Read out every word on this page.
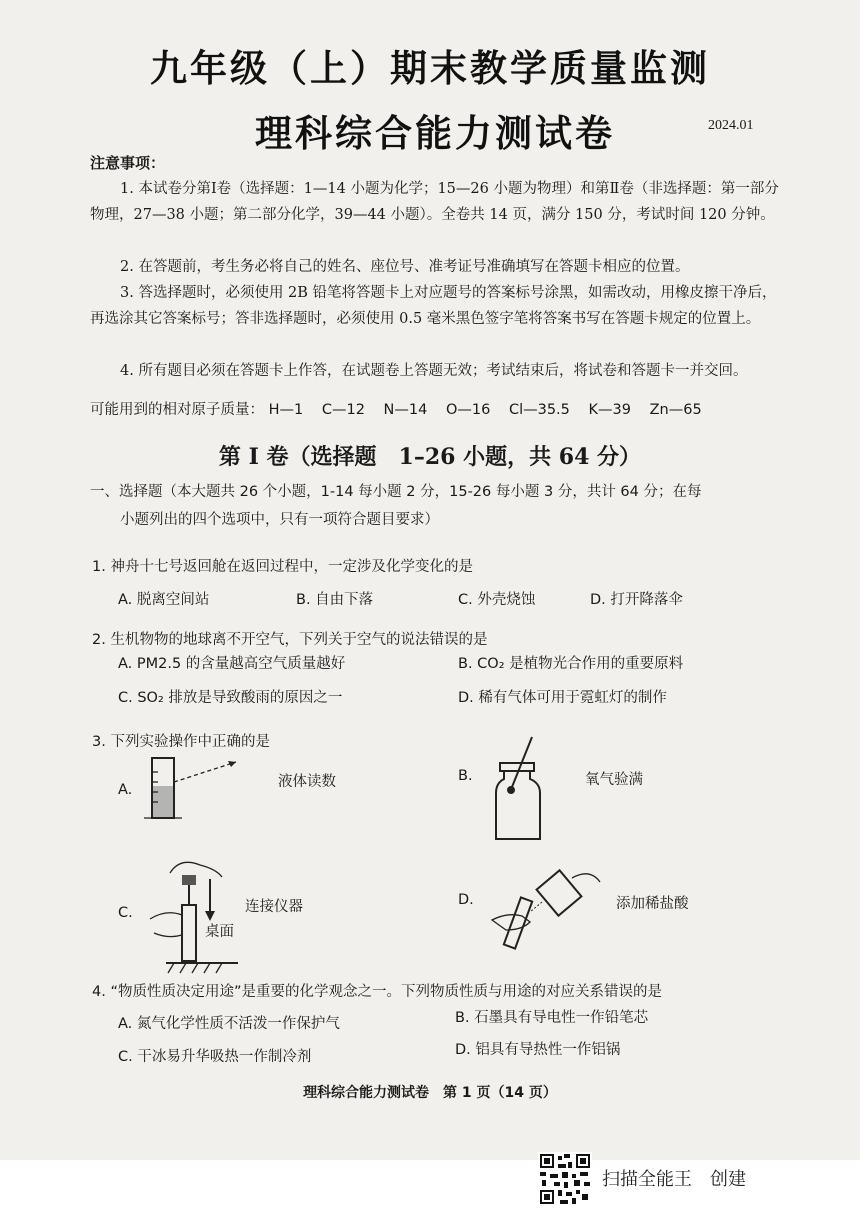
九年级（上）期末教学质量监测
理科综合能力测试卷	2024.01
注意事项：
1. 本试卷分第Ⅰ卷（选择题：1—14 小题为化学；15—26 小题为物理）和第Ⅱ卷（非选择题：第一部分物理，27—38 小题；第二部分化学，39—44 小题）。全卷共 14 页，满分 150 分，考试时间 120 分钟。
2. 在答题前，考生务必将自己的姓名、座位号、准考证号准确填写在答题卡相应的位置。
3. 答选择题时，必须使用 2B 铅笔将答题卡上对应题号的答案标号涂黑，如需改动，用橡皮擦干净后，再选涂其它答案标号；答非选择题时，必须使用 0.5 毫米黑色签字笔将答案书写在答题卡规定的位置上。
4. 所有题目必须在答题卡上作答，在试题卷上答题无效；考试结束后，将试卷和答题卡一并交回。
可能用到的相对原子质量： H—1 C—12 N—14 O—16 Cl—35.5 K—39 Zn—65
第 I 卷（选择题　1–26 小题，共 64 分）
一、选择题（本大题共 26 个小题，1-14 每小题 2 分，15-26 每小题 3 分，共计 64 分；在每
小题列出的四个选项中，只有一项符合题目要求）
1. 神舟十七号返回舱在返回过程中，一定涉及化学变化的是
A. 脱离空间站	B. 自由下落	C. 外壳烧蚀	D. 打开降落伞
2. 生机物物的地球离不开空气，下列关于空气的说法错误的是
A. PM2.5 的含量越高空气质量越好	B. CO₂ 是植物光合作用的重要原料
C. SO₂ 排放是导致酸雨的原因之一	D. 稀有气体可用于霓虹灯的制作
3. 下列实验操作中正确的是
A.	液体读数	B.	氧气验满
C.
桌面
连接仪器	D.	添加稀盐酸
4. “物质性质决定用途”是重要的化学观念之一。下列物质性质与用途的对应关系错误的是
A. 氮气化学性质不活泼一作保护气	B. 石墨具有导电性一作铅笔芯
C. 干冰易升华吸热一作制冷剂	D. 铝具有导热性一作铝锅
理科综合能力测试卷　第 1 页（14 页）
扫描全能王　创建
